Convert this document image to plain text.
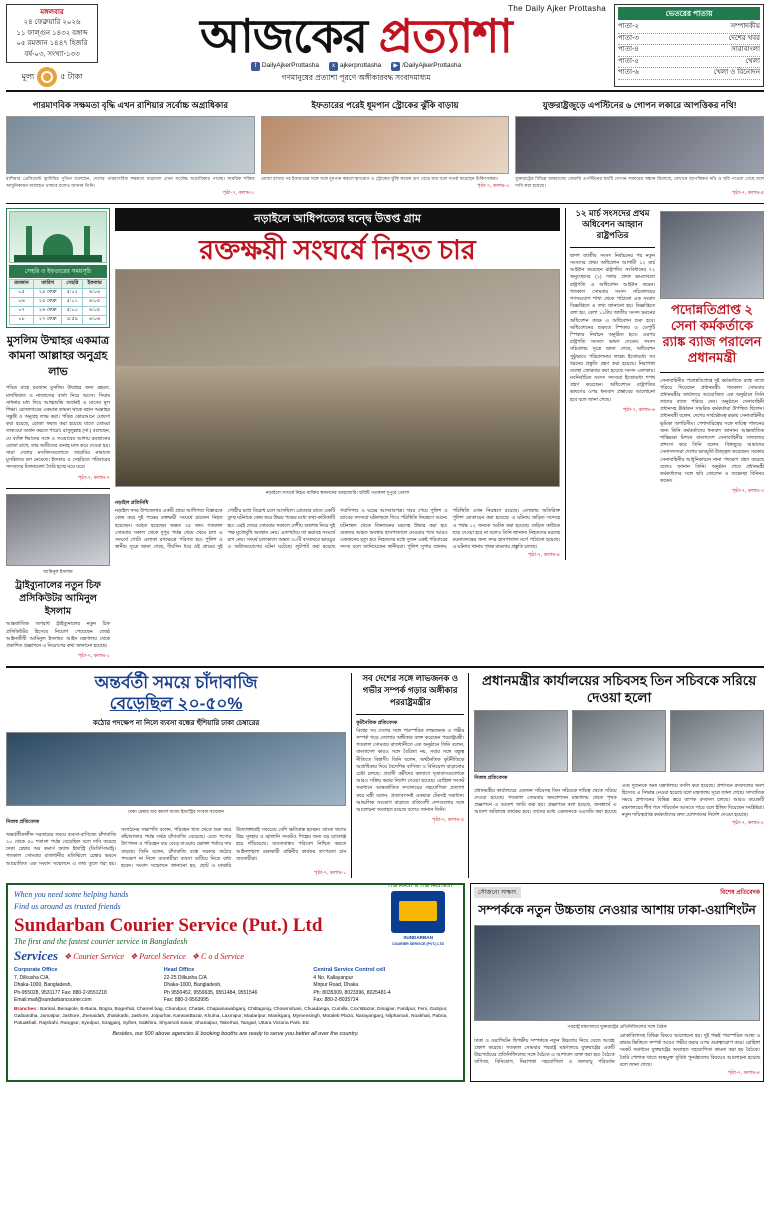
মঙ্গলবার
২৪ ফেব্রুয়ারি ২০২৬
১১ ফাল্গুন ১৪৩২ বঙ্গাব্দ
০৫ রমজান ১৪৪৭ হিজরি
বর্ষ-০৩, সংখ্যা-১৩৩
মূল্য	৫ টাকা
The Daily Ajker Prottasha
আজকের প্রত্যাশা
f DailyAjkerProttasha	x ajkerprottasha	▶ /DailyAjkerProttasha
গণমানুষের প্রত্যাশা পূরণে অঙ্গীকারবদ্ধ সংবাদমাধ্যম
ভেতরের পাতায়
পাতা-২	সম্পাদকীয়
পাতা-৩	দেশের খবর
পাতা-৪	সারাবাংলা
পাতা-৫	খেলা
পাতা-৬	খেলা ও বিনোদন
পারমাণবিক সক্ষমতা বৃদ্ধি এখন রাশিয়ার সর্বোচ্চ অগ্রাধিকার
রাশিয়ার প্রেসিডেন্ট ভ্লাদিমির পুতিন বলেছেন, দেশের পারমাণবিক সক্ষমতা বাড়ানো এখন সর্বোচ্চ অগ্রাধিকার পাচ্ছে। সামরিক শক্তির আধুনিকায়ন অব্যাহত থাকবে বলেও জানান তিনি।
পৃষ্ঠা-৭, কলাম-১
ইফতারের পরেই ধূমপান স্ট্রোকের ঝুঁকি বাড়ায়
রোজা রাখার পর ইফতারের সঙ্গে সঙ্গে ধূমপান করলে হৃদরোগ ও স্ট্রোকের ঝুঁকি কয়েক গুণ বেড়ে যায় বলে সতর্ক করেছেন চিকিৎসকরা।
পৃষ্ঠা-৭, কলাম-৩
যুক্তরাষ্ট্রজুড়ে এপস্টিনের ৬ গোপন লকারে আপত্তিকর নথি!
যুক্তরাষ্ট্রের বিভিন্ন অঙ্গরাজ্যে জেফরি এপস্টিনের ছয়টি গোপন লকারের সন্ধান মিলেছে, যেখানে আপত্তিকর নথি ও ছবি পাওয়া গেছে বলে দাবি করা হয়েছে।
পৃষ্ঠা-৭, কলাম-৫
সেহরি ও ইফতারের সময়সূচি
রমজান	তারিখ	সেহরি	ইফতার
০৫	২৪ ফেব্রু	৫:০২	৬:০৪
০৬	২৫ ফেব্রু	৫:০১	৬:০৫
০৭	২৬ ফেব্রু	৫:০০	৬:০৫
০৮	২৭ ফেব্রু	৪:৫৯	৬:০৬
মুসলিম উম্মাহর একমাত্র কামনা আল্লাহর অনুগ্রহ লাভ

পবিত্র মাহে রমজান মুসলিম উম্মাহর জন্য রহমত, মাগফিরাত ও নাজাতের বার্তা নিয়ে আসে। সিয়াম সাধনার মধ্য দিয়ে আত্মশুদ্ধি অর্জনই এ মাসের মূল শিক্ষা। রোজাদারের একমাত্র কামনা থাকে মহান আল্লাহর সন্তুষ্টি ও অনুগ্রহ লাভ করা। পবিত্র কোরআনে ঘোষণা করা হয়েছে, রোজা ফরজ করা হয়েছে যাতে তোমরা তাকওয়া অর্জন করতে পারো। রাসুলুল্লাহ (সা.) বলেছেন, যে ব্যক্তি ঈমানের সঙ্গে ও সওয়াবের আশায় রমজানের রোজা রাখে, তার অতীতের গুনাহ মাফ করে দেওয়া হয়। সারা দেশের মসজিদগুলোতে তারাবির নামাজে মুসল্লিদের ঢল নেমেছে। ইফতার ও সেহরিতে পরিবারের সদস্যদের মিলনমেলা তৈরি হচ্ছে ঘরে ঘরে।

পৃষ্ঠা-৭, কলাম-৭
আমিনুল ইসলাম
ট্রাইব্যুনালের নতুন চিফ প্রসিকিউটর আমিনুল ইসলাম

আন্তর্জাতিক অপরাধ ট্রাইব্যুনালের নতুন চিফ প্রসিকিউটর হিসেবে নিয়োগ পেয়েছেন জ্যেষ্ঠ আইনজীবী আমিনুল ইসলাম। আইন মন্ত্রণালয় থেকে প্রকাশিত প্রজ্ঞাপনে এ নিয়োগের কথা জানানো হয়েছে।

পৃষ্ঠা-৭, কলাম-২
নড়াইলে আধিপত্যের দ্বন্দ্বে উত্তপ্ত গ্রাম
রক্তক্ষয়ী সংঘর্ষে নিহত চার
নড়াইলে সংঘর্ষে নিহত ব্যক্তির স্বজনদের আহাজারি। ছবিটি গতকাল দুপুরে তোলা
নড়াইল প্রতিনিধি

নড়াইল সদর উপজেলার একটি গ্রামে আধিপত্য বিস্তারকে কেন্দ্র করে দুই পক্ষের রক্তক্ষয়ী সংঘর্ষে চারজন নিহত হয়েছেন। আহত হয়েছেন অন্তত ৩৫ জন। গতকাল সোমবার সকাল থেকে দুপুর পর্যন্ত থেমে থেমে চলা এ সংঘর্ষে গোটা এলাকা রণক্ষেত্রে পরিণত হয়। পুলিশ ও স্থানীয় সূত্রে জানা গেছে, দীর্ঘদিন ধরে ওই গ্রামের দুই গোষ্ঠীর মধ্যে বিরোধ চলে আসছিল। রোববার রাতে একটি তুচ্ছ ঘটনাকে কেন্দ্র করে উভয় পক্ষের মধ্যে কথা-কাটাকাটি হয়। এরই জেরে সোমবার সকালে দেশীয় অস্ত্রশস্ত্র নিয়ে দুই পক্ষ মুখোমুখি অবস্থান নেয়। একপর্যায়ে তা ভয়াবহ সংঘর্ষে রূপ নেয়। সংঘর্ষ চলাকালে অন্তত ৩০টি বসতঘরে ভাঙচুর ও অগ্নিসংযোগের ঘটনা ঘটেছে। লুটপাট করা হয়েছে গবাদিপশু ও ঘরের আসবাবপত্র। খবর পেয়ে পুলিশ ও র‍্যাবের সদস্যরা ঘটনাস্থলে গিয়ে পরিস্থিতি নিয়ন্ত্রণে আনে। ঘটনাস্থল থেকে তিনজনের মরদেহ উদ্ধার করা হয়। গুরুতর আহত অবস্থায় হাসপাতালে নেওয়ার পথে আরও একজনের মৃত্যু হয়। নিহতদের মধ্যে দুজন একই পরিবারের সদস্য বলে জানিয়েছেন স্থানীয়রা। পুলিশ সুপার জানান, পরিস্থিতি এখন নিয়ন্ত্রণে রয়েছে। এলাকায় অতিরিক্ত পুলিশ মোতায়েন করা হয়েছে। এ ঘটনায় জড়িত সন্দেহে এ পর্যন্ত ১২ জনকে আটক করা হয়েছে। জড়িত কাউকে ছাড় দেওয়া হবে না বলেও তিনি জানান। নিহতদের মরদেহ ময়নাতদন্তের জন্য সদর হাসপাতাল মর্গে পাঠানো হয়েছে। এ ঘটনায় থানায় পৃথক মামলার প্রস্তুতি চলছে।

পৃষ্ঠা-৭, কলাম-৪
১২ মার্চ সংসদের প্রথম অধিবেশন আহ্বান রাষ্ট্রপতির

দ্বাদশ জাতীয় সংসদ নির্বাচনের পর নতুন সংসদের প্রথম অধিবেশন আগামী ১২ মার্চ আহ্বান করেছেন রাষ্ট্রপতি। সংবিধানের ৭২ অনুচ্ছেদের (১) দফায় প্রদত্ত ক্ষমতাবলে রাষ্ট্রপতি এ অধিবেশন আহ্বান করেন। গতকাল সোমবার সংসদ সচিবালয়ের গণসংযোগ শাখা থেকে পাঠানো এক সংবাদ বিজ্ঞপ্তিতে এ তথ্য জানানো হয়। বিজ্ঞপ্তিতে বলা হয়, বেলা ১১টায় জাতীয় সংসদ ভবনের অধিবেশন কক্ষে এ অধিবেশন শুরু হবে। অধিবেশনের শুরুতে স্পিকার ও ডেপুটি স্পিকার নির্বাচন অনুষ্ঠিত হবে। এরপর রাষ্ট্রপতি সংসদে ভাষণ দেবেন। সংসদ সচিবালয় সূত্রে জানা গেছে, অধিবেশন সুষ্ঠুভাবে পরিচালনার লক্ষ্যে ইতোমধ্যে সব ধরনের প্রস্তুতি গ্রহণ করা হয়েছে। নিরাপত্তা ব্যবস্থা জোরদার করা হয়েছে সংসদ এলাকায়। নবনির্বাচিত সংসদ সদস্যরা ইতোমধ্যে শপথ গ্রহণ করেছেন। অধিবেশনে রাষ্ট্রপতির ভাষণের ওপর ধন্যবাদ প্রস্তাবের আলোচনা হবে বলে জানা গেছে।

পৃষ্ঠা-৭, কলাম-৬
পদোন্নতিপ্রাপ্ত ২ সেনা কর্মকর্তাকে র‍্যাঙ্ক ব্যাজ পরালেন প্রধানমন্ত্রী

সেনাবাহিনীর পদোন্নতিপ্রাপ্ত দুই কর্মকর্তাকে র‍্যাঙ্ক ব্যাজ পরিয়ে দিয়েছেন প্রধানমন্ত্রী। গতকাল সোমবার প্রধানমন্ত্রীর কার্যালয়ে আয়োজিত এক অনুষ্ঠানে তিনি তাদের ব্যাজ পরিয়ে দেন। অনুষ্ঠানে সেনাবাহিনী প্রধানসহ ঊর্ধ্বতন সামরিক কর্মকর্তারা উপস্থিত ছিলেন। প্রধানমন্ত্রী বলেন, দেশের সার্বভৌমত্ব রক্ষায় সেনাবাহিনীর ভূমিকা অপরিসীম। পেশাদারিত্বের সঙ্গে দায়িত্ব পালনের জন্য তিনি কর্মকর্তাদের ধন্যবাদ জানান। আন্তর্জাতিক শান্তিরক্ষা মিশনে বাংলাদেশ সেনাবাহিনীর সাফল্যের প্রশংসা করে তিনি বলেন, বিশ্বজুড়ে আমাদের সেনাসদস্যরা দেশের ভাবমূর্তি উজ্জ্বল করেছেন। সরকার সেনাবাহিনীর আধুনিকায়নে নানা পদক্ষেপ গ্রহণ করেছে বলেও জানান তিনি। অনুষ্ঠান শেষে প্রধানমন্ত্রী কর্মকর্তাদের সঙ্গে ছবি তোলেন ও শুভেচ্ছা বিনিময় করেন।

পৃষ্ঠা-৭, কলাম-৩
অন্তর্বর্তী সময়ে চাঁদাবাজি
বেড়েছিল ২০-৫০%
কঠোর পদক্ষেপ না নিলে ব্যবসা বন্ধের হুঁশিয়ারি ঢাকা চেম্বারের
ঢাকা চেম্বার অব কমার্স অ্যান্ড ইন্ডাস্ট্রির সংবাদ সম্মেলন
নিজস্ব প্রতিবেদক

অন্তর্বর্তীকালীন সরকারের সময়ে ব্যবসা-বাণিজ্যে চাঁদাবাজি ২০ থেকে ৫০ শতাংশ পর্যন্ত বেড়েছিল বলে দাবি করেছে ঢাকা চেম্বার অব কমার্স অ্যান্ড ইন্ডাস্ট্রি (ডিসিসিআই)। গতকাল সোমবার রাজধানীর মতিঝিলে চেম্বার ভবনে আয়োজিত এক সংবাদ সম্মেলনে এ তথ্য তুলে ধরা হয়। সংগঠনের সভাপতি বলেন, পরিবহন খাত থেকে শুরু করে কাঁচাবাজার পর্যন্ত সর্বত্র চাঁদাবাজি বেড়েছে। এতে পণ্যের উৎপাদন ও পরিবহন ব্যয় বেড়ে যাওয়ায় ভোক্তা পর্যায়ে দাম বাড়ছে। তিনি বলেন, চাঁদাবাজি বন্ধে সরকার কঠোর পদক্ষেপ না নিলে ব্যবসায়ীরা ব্যবসা গুটিয়ে নিতে বাধ্য হবেন। সংবাদ সম্মেলনে জানানো হয়, ছোট ও মাঝারি উদ্যোক্তারাই সবচেয়ে বেশি ক্ষতিগ্রস্ত হচ্ছেন। ব্যাংক ঋণের উচ্চ সুদহার ও জ্বালানি সংকটও শিল্পের জন্য বড় চ্যালেঞ্জ হয়ে দাঁড়িয়েছে। ব্যবসাবান্ধব পরিবেশ নিশ্চিত করতে আইনশৃঙ্খলা রক্ষাকারী বাহিনীর কার্যকর তৎপরতা চান ব্যবসায়ীরা।

পৃষ্ঠা-৭, কলাম-১
সব দেশের সঙ্গে লাভজনক ও গভীর সম্পর্ক গড়ার অঙ্গীকার পররাষ্ট্রমন্ত্রীর
কূটনৈতিক প্রতিবেদক

বিশ্বের সব দেশের সঙ্গে পারস্পরিক লাভজনক ও গভীর সম্পর্ক গড়ে তোলার অঙ্গীকার ব্যক্ত করেছেন পররাষ্ট্রমন্ত্রী। গতকাল সোমবার রাজধানীতে এক অনুষ্ঠানে তিনি বলেন, বাংলাদেশ কারও সঙ্গে বৈরিতা নয়, সবার সঙ্গে বন্ধুত্ব নীতিতে বিশ্বাসী। তিনি বলেন, অর্থনৈতিক কূটনীতিকে অগ্রাধিকার দিয়ে বৈদেশিক বাণিজ্য ও বিনিয়োগ বাড়ানোর চেষ্টা চলছে। প্রবাসী কর্মীদের কল্যাণে দূতাবাসগুলোকে আরও সক্রিয় করার নির্দেশ দেওয়া হয়েছে। রোহিঙ্গা সংকট সমাধানে আন্তর্জাতিক সম্প্রদায়ের সহযোগিতা প্রত্যাশা করে মন্ত্রী বলেন, প্রত্যাবাসনই একমাত্র টেকসই সমাধান। আঞ্চলিক সংযোগ বাড়াতে প্রতিবেশী দেশগুলোর সঙ্গে আলোচনা অব্যাহত রয়েছে বলেও জানান তিনি।

পৃষ্ঠা-৭, কলাম-৫
প্রধানমন্ত্রীর কার্যালয়ের সচিবসহ তিন সচিবকে সরিয়ে দেওয়া হলো
নিজস্ব প্রতিবেদক

প্রধানমন্ত্রীর কার্যালয়ের একজন সচিবসহ তিন সচিবকে দায়িত্ব থেকে সরিয়ে দেওয়া হয়েছে। গতকাল সোমবার জনপ্রশাসন মন্ত্রণালয় থেকে পৃথক প্রজ্ঞাপনে এ আদেশ জারি করা হয়। প্রজ্ঞাপনে বলা হয়েছে, জনস্বার্থে এ আদেশ অবিলম্বে কার্যকর হবে। তাদের মধ্যে একজনকে ওএসডি করা হয়েছে এবং দুজনকে অন্য মন্ত্রণালয়ে বদলি করা হয়েছে। প্রশাসনে রদবদলের অংশ হিসেবে এ সিদ্ধান্ত নেওয়া হয়েছে বলে মন্ত্রণালয় সূত্রে জানা গেছে। সাম্প্রতিক সময়ে প্রশাসনের বিভিন্ন স্তরে ব্যাপক রদবদল চলছে। আরও কয়েকটি মন্ত্রণালয়ের শীর্ষ পদে পরিবর্তন আসতে পারে বলে ইঙ্গিত দিয়েছেন সংশ্লিষ্টরা। নতুন দায়িত্বপ্রাপ্ত কর্মকর্তাদের দ্রুত যোগদানের নির্দেশ দেওয়া হয়েছে।

পৃষ্ঠা-৭, কলাম-২
THE FIRST & THE FASTEST
SUNDARBAN
COURIER SERVICE (PVT.) LTD
When you need some helping hands
Find us around as trusted friends
Sundarban Courier Service (Put.) Ltd
The first and the fastest courier service in Bangladesh
Services ❖ Courier Service ❖ Parcel Service ❖ C o d Service
Corporate Office
7, Dilkusha C/A,
Dhaka-1000, Bangladesh,
Ph-955028, 9531177 Fax: 880-2-9551218
Email:mail@sundarbancourier.com
Head Office
22-25 Dilkusha C/A
Dhaka-1000, Bangladesh,
Ph 9550452, 9559635, 9551484, 9551546
Fax: 880-2-9563995
Central Service Control cell
4 No. Kallayanpur
Mirpur Road, Dhaka
Ph: 8035309, 8023396, 8025481-4
Fax: 880-2-8035724
Branches : Barisal, Benapole, B-Baria, Bogra, Bogerhat, Chamel bag, Chandpur, Chatak, Chapainawabganj, Chittagong, Chowmohani, Chuadanga, Cumilla, Cox'sBazar, Dinajpur, Faridpur, Feni, Gazipur, Gaibandha, Jamalpur, Jashore, Jhenaidah, Jhalokathi, Jashore, Joipurhat, KarwanBazar, Khulna, Laxmipur, Madaripur, Manikganj, Mymensingh, Motaleb Plaza, Narayanganj, Nilphamari, Noakhali, Pabna, Patuakhali, Rajshahi, Rangpur, Syedpur, Sirajganj, Sylhet, Satkhira, Shyamoli Savar, Shariatpur, Takerhat, Tangail, Uttara Victoria Park. Etc
Besides, our 500 above agencies & booking booths are ready to serve you better all over the country.
সৌজন্যে সাক্ষাৎ	বিশেষ প্রতিবেদক
সম্পর্ককে নতুন উচ্চতায় নেওয়ার আশায় ঢাকা-ওয়াশিংটন
পররাষ্ট্র মন্ত্রণালয়ে যুক্তরাষ্ট্রের প্রতিনিধিদলের সঙ্গে বৈঠক

ঢাকা ও ওয়াশিংটন দ্বিপক্ষীয় সম্পর্ককে নতুন উচ্চতায় নিয়ে যেতে আগ্রহ প্রকাশ করেছে। গতকাল সোমবার পররাষ্ট্র মন্ত্রণালয়ে যুক্তরাষ্ট্রের একটি উচ্চপর্যায়ের প্রতিনিধিদলের সঙ্গে বৈঠকে এ আশাবাদ ব্যক্ত করা হয়। বৈঠকে বাণিজ্য, বিনিয়োগ, নিরাপত্তা সহযোগিতা ও জলবায়ু পরিবর্তন মোকাবিলাসহ বিভিন্ন বিষয়ে আলোচনা হয়। দুই পক্ষই পারস্পরিক আস্থা ও শ্রদ্ধার ভিত্তিতে সম্পর্ক আরও গভীর করার ওপর গুরুত্বারোপ করে। রোহিঙ্গা সংকট সমাধানে যুক্তরাষ্ট্রের অব্যাহত সহযোগিতা কামনা করা হয় বৈঠকে। তৈরি পোশাক খাতে শুল্কমুক্ত সুবিধা পুনর্বহালের বিষয়েও আলোচনা হয়েছে বলে জানা গেছে।

পৃষ্ঠা-৭, কলাম-৪
